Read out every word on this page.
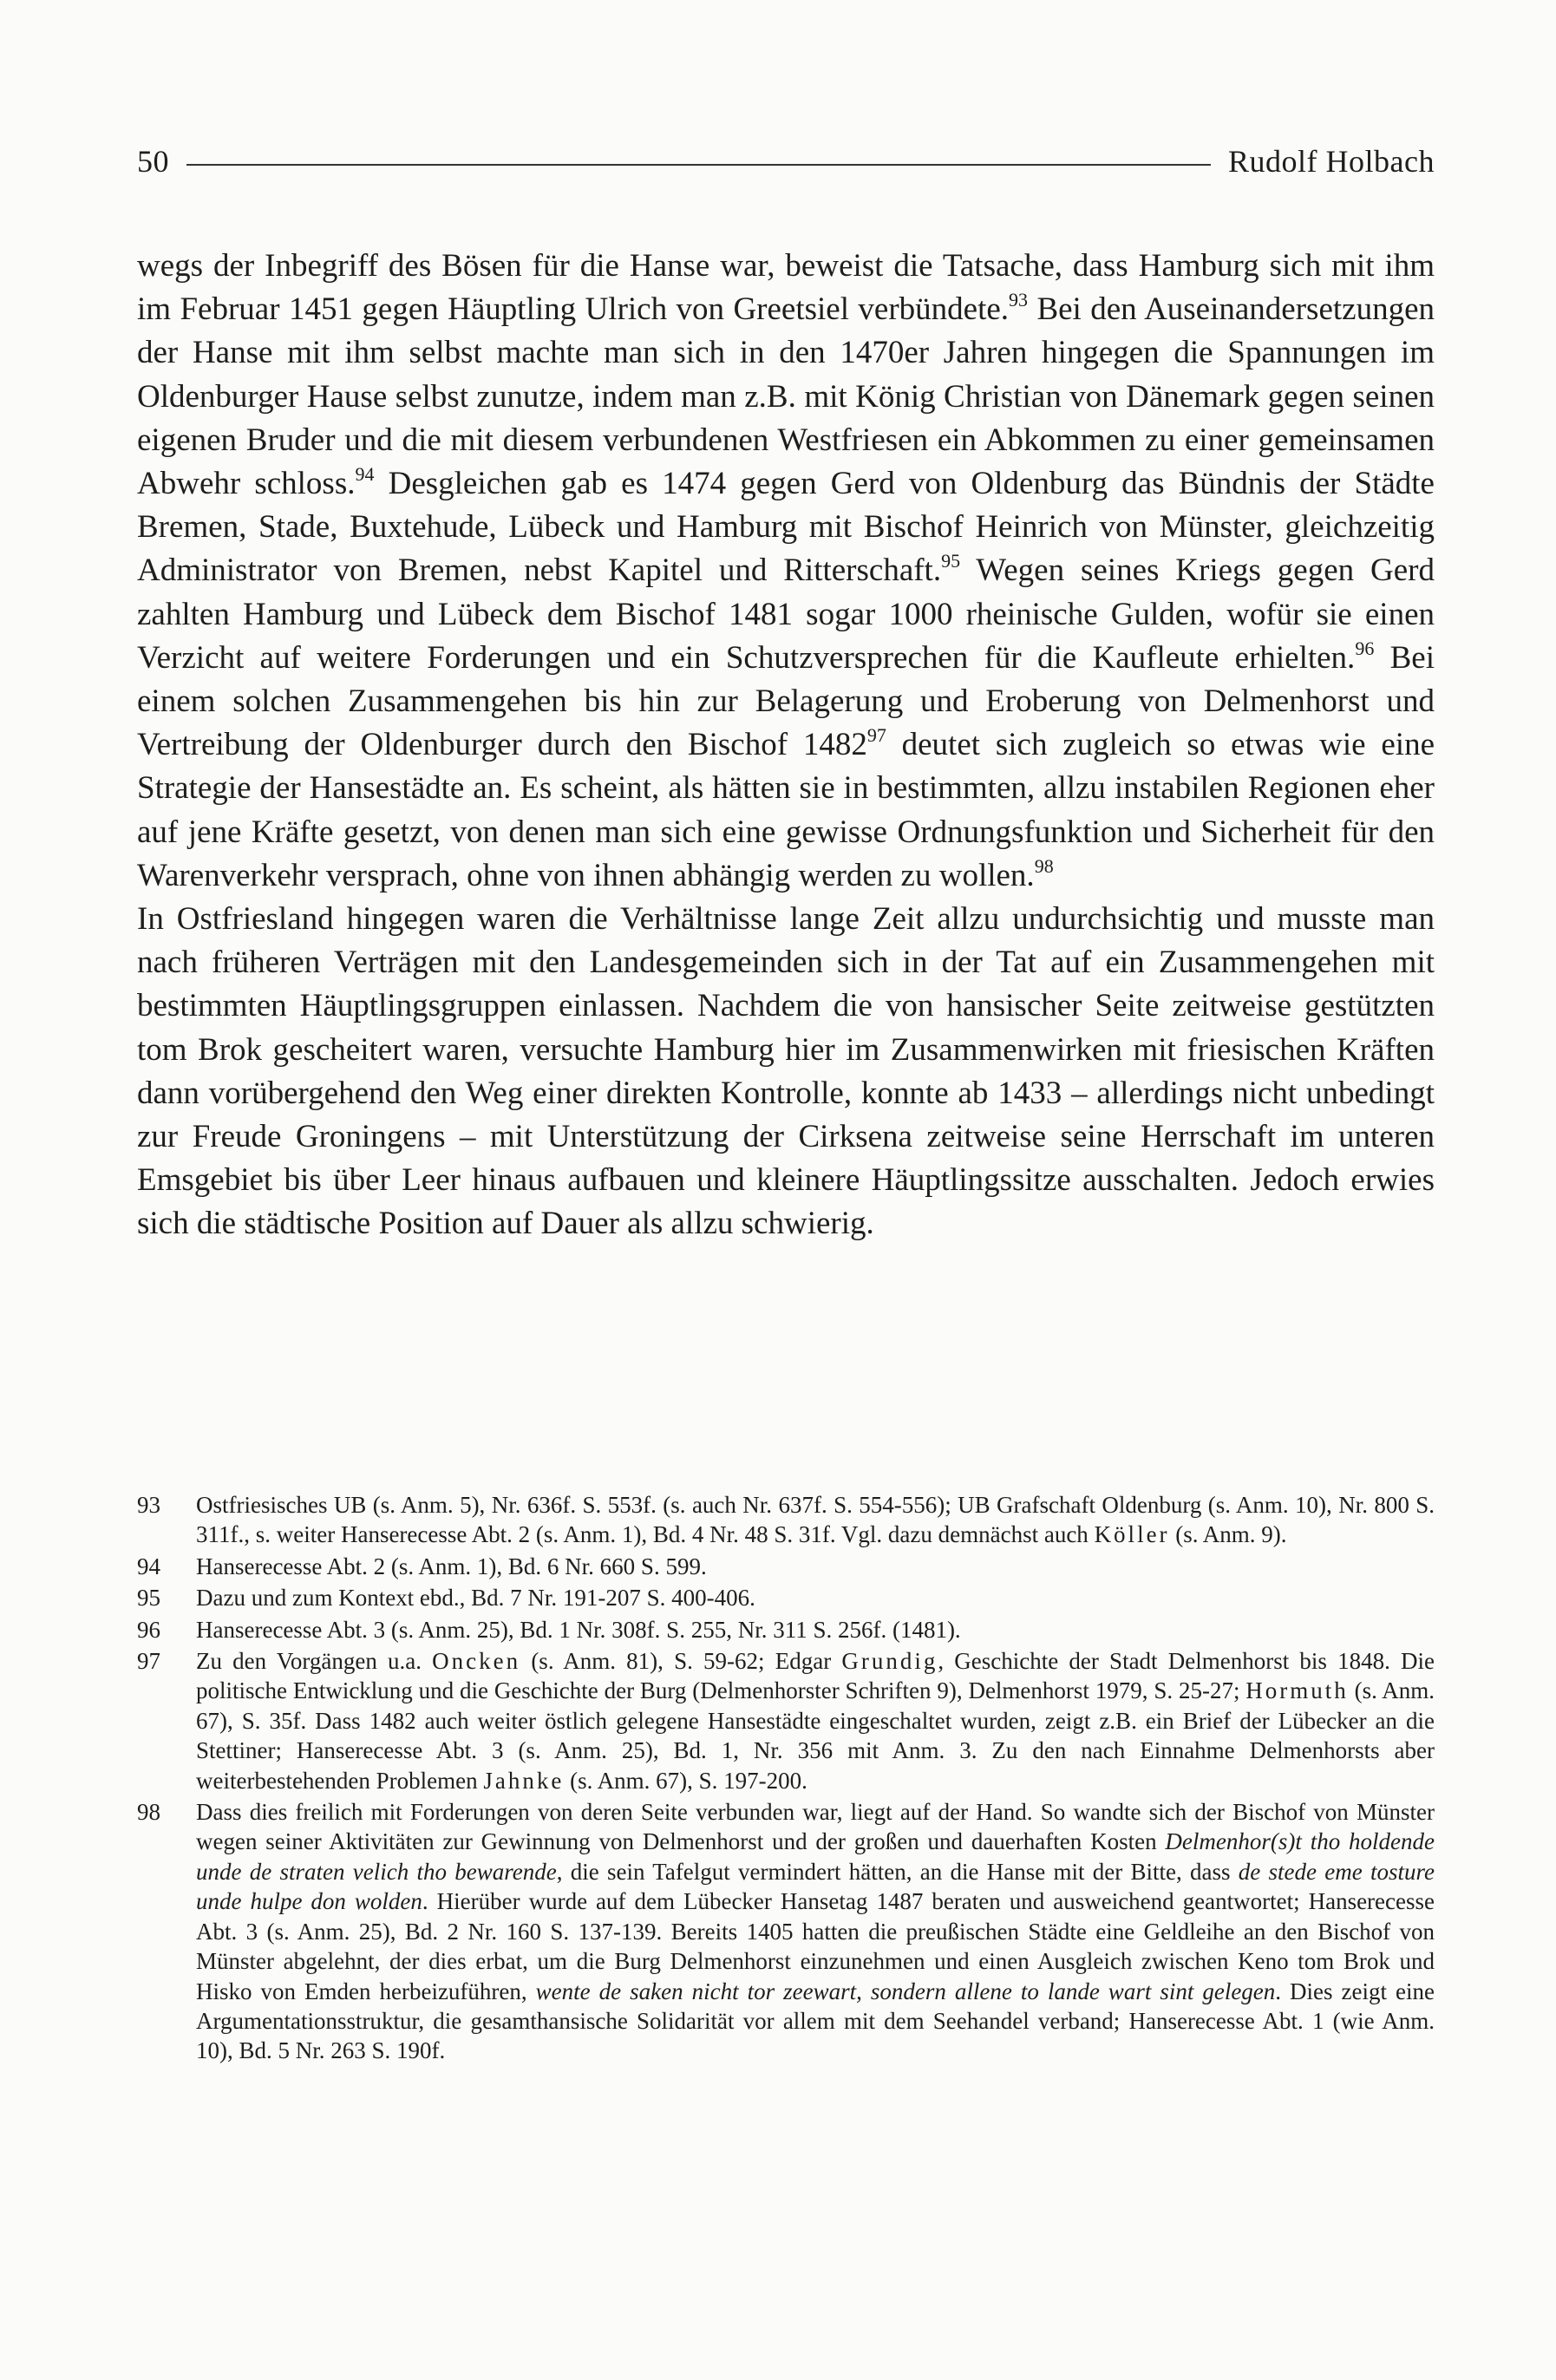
50	Rudolf Holbach

wegs der Inbegriff des Bösen für die Hanse war, beweist die Tatsache, dass Hamburg sich mit ihm im Februar 1451 gegen Häuptling Ulrich von Greetsiel verbündete.$^{93}$ Bei den Auseinandersetzungen der Hanse mit ihm selbst machte man sich in den 1470er Jahren hingegen die Spannungen im Oldenburger Hause selbst zunutze, indem man z.B. mit König Christian von Dänemark gegen seinen eigenen Bruder und die mit diesem verbundenen Westfriesen ein Abkommen zu einer gemeinsamen Abwehr schloss.$^{94}$ Desgleichen gab es 1474 gegen Gerd von Oldenburg das Bündnis der Städte Bremen, Stade, Buxtehude, Lübeck und Hamburg mit Bischof Heinrich von Münster, gleichzeitig Administrator von Bremen, nebst Kapitel und Ritterschaft.$^{95}$ Wegen seines Kriegs gegen Gerd zahlten Hamburg und Lübeck dem Bischof 1481 sogar 1000 rheinische Gulden, wofür sie einen Verzicht auf weitere Forderungen und ein Schutzversprechen für die Kaufleute erhielten.$^{96}$ Bei einem solchen Zusammengehen bis hin zur Belagerung und Eroberung von Delmenhorst und Vertreibung der Oldenburger durch den Bischof 1482$^{97}$ deutet sich zugleich so etwas wie eine Strategie der Hansestädte an. Es scheint, als hätten sie in bestimmten, allzu instabilen Regionen eher auf jene Kräfte gesetzt, von denen man sich eine gewisse Ordnungsfunktion und Sicherheit für den Warenverkehr versprach, ohne von ihnen abhängig werden zu wollen.$^{98}$

In Ostfriesland hingegen waren die Verhältnisse lange Zeit allzu undurchsichtig und musste man nach früheren Verträgen mit den Landesgemeinden sich in der Tat auf ein Zusammengehen mit bestimmten Häuptlingsgruppen einlassen. Nachdem die von hansischer Seite zeitweise gestützten tom Brok gescheitert waren, versuchte Hamburg hier im Zusammenwirken mit friesischen Kräften dann vorübergehend den Weg einer direkten Kontrolle, konnte ab 1433 – allerdings nicht unbedingt zur Freude Groningens – mit Unterstützung der Cirksena zeitweise seine Herrschaft im unteren Emsgebiet bis über Leer hinaus aufbauen und kleinere Häuptlingssitze ausschalten. Jedoch erwies sich die städtische Position auf Dauer als allzu schwierig.

93	Ostfriesisches UB (s. Anm. 5), Nr. 636f. S. 553f. (s. auch Nr. 637f. S. 554-556); UB Grafschaft Oldenburg (s. Anm. 10), Nr. 800 S. 311f., s. weiter Hanserecesse Abt. 2 (s. Anm. 1), Bd. 4 Nr. 48 S. 31f. Vgl. dazu demnächst auch Köller (s. Anm. 9).
94	Hanserecesse Abt. 2 (s. Anm. 1), Bd. 6 Nr. 660 S. 599.
95	Dazu und zum Kontext ebd., Bd. 7 Nr. 191-207 S. 400-406.
96	Hanserecesse Abt. 3 (s. Anm. 25), Bd. 1 Nr. 308f. S. 255, Nr. 311 S. 256f. (1481).
97	Zu den Vorgängen u.a. Oncken (s. Anm. 81), S. 59-62; Edgar Grundig, Geschichte der Stadt Delmenhorst bis 1848. Die politische Entwicklung und die Geschichte der Burg (Delmenhorster Schriften 9), Delmenhorst 1979, S. 25-27; Hormuth (s. Anm. 67), S. 35f. Dass 1482 auch weiter östlich gelegene Hansestädte eingeschaltet wurden, zeigt z.B. ein Brief der Lübecker an die Stettiner; Hanserecesse Abt. 3 (s. Anm. 25), Bd. 1, Nr. 356 mit Anm. 3. Zu den nach Einnahme Delmenhorsts aber weiterbestehenden Problemen Jahnke (s. Anm. 67), S. 197-200.
98	Dass dies freilich mit Forderungen von deren Seite verbunden war, liegt auf der Hand. So wandte sich der Bischof von Münster wegen seiner Aktivitäten zur Gewinnung von Delmenhorst und der großen und dauerhaften Kosten Delmenhor(s)t tho holdende unde de straten velich tho bewarende, die sein Tafelgut vermindert hätten, an die Hanse mit der Bitte, dass de stede eme tosture unde hulpe don wolden. Hierüber wurde auf dem Lübecker Hansetag 1487 beraten und ausweichend geantwortet; Hanserecesse Abt. 3 (s. Anm. 25), Bd. 2 Nr. 160 S. 137-139. Bereits 1405 hatten die preußischen Städte eine Geldleihe an den Bischof von Münster abgelehnt, der dies erbat, um die Burg Delmenhorst einzunehmen und einen Ausgleich zwischen Keno tom Brok und Hisko von Emden herbeizuführen, wente de saken nicht tor zeewart, sondern allene to lande wart sint gelegen. Dies zeigt eine Argumentationsstruktur, die gesamthansische Solidarität vor allem mit dem Seehandel verband; Hanserecesse Abt. 1 (wie Anm. 10), Bd. 5 Nr. 263 S. 190f.
